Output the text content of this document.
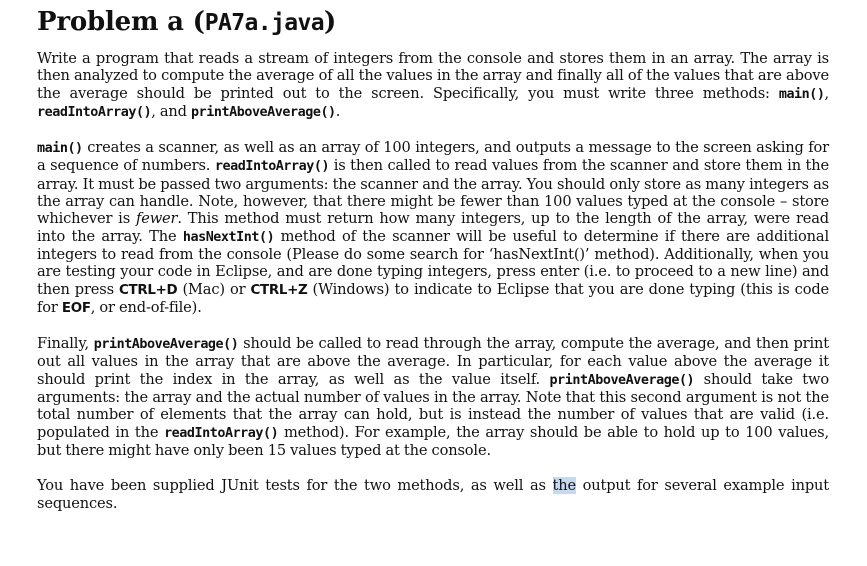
Problem a (PA7a.java)

Write a program that reads a stream of integers from the console and stores them in an array. The array is then analyzed to compute the average of all the values in the array and finally all of the values that are above the average should be printed out to the screen. Specifically, you must write three methods: main(), readIntoArray(), and printAboveAverage().

main() creates a scanner, as well as an array of 100 integers, and outputs a message to the screen asking for a sequence of numbers. readIntoArray() is then called to read values from the scanner and store them in the array. It must be passed two arguments: the scanner and the array. You should only store as many integers as the array can handle. Note, however, that there might be fewer than 100 values typed at the console – store whichever is fewer. This method must return how many integers, up to the length of the array, were read into the array. The hasNextInt() method of the scanner will be useful to determine if there are additional integers to read from the console (Please do some search for ‘hasNextInt()’ method). Additionally, when you are testing your code in Eclipse, and are done typing integers, press enter (i.e. to proceed to a new line) and then press CTRL+D (Mac) or CTRL+Z (Windows) to indicate to Eclipse that you are done typing (this is code for EOF, or end-of-file).

Finally, printAboveAverage() should be called to read through the array, compute the average, and then print out all values in the array that are above the average. In particular, for each value above the average it should print the index in the array, as well as the value itself. printAboveAverage() should take two arguments: the array and the actual number of values in the array. Note that this second argument is not the total number of elements that the array can hold, but is instead the number of values that are valid (i.e. populated in the readIntoArray() method). For example, the array should be able to hold up to 100 values, but there might have only been 15 values typed at the console.

You have been supplied JUnit tests for the two methods, as well as the output for several example input sequences.
